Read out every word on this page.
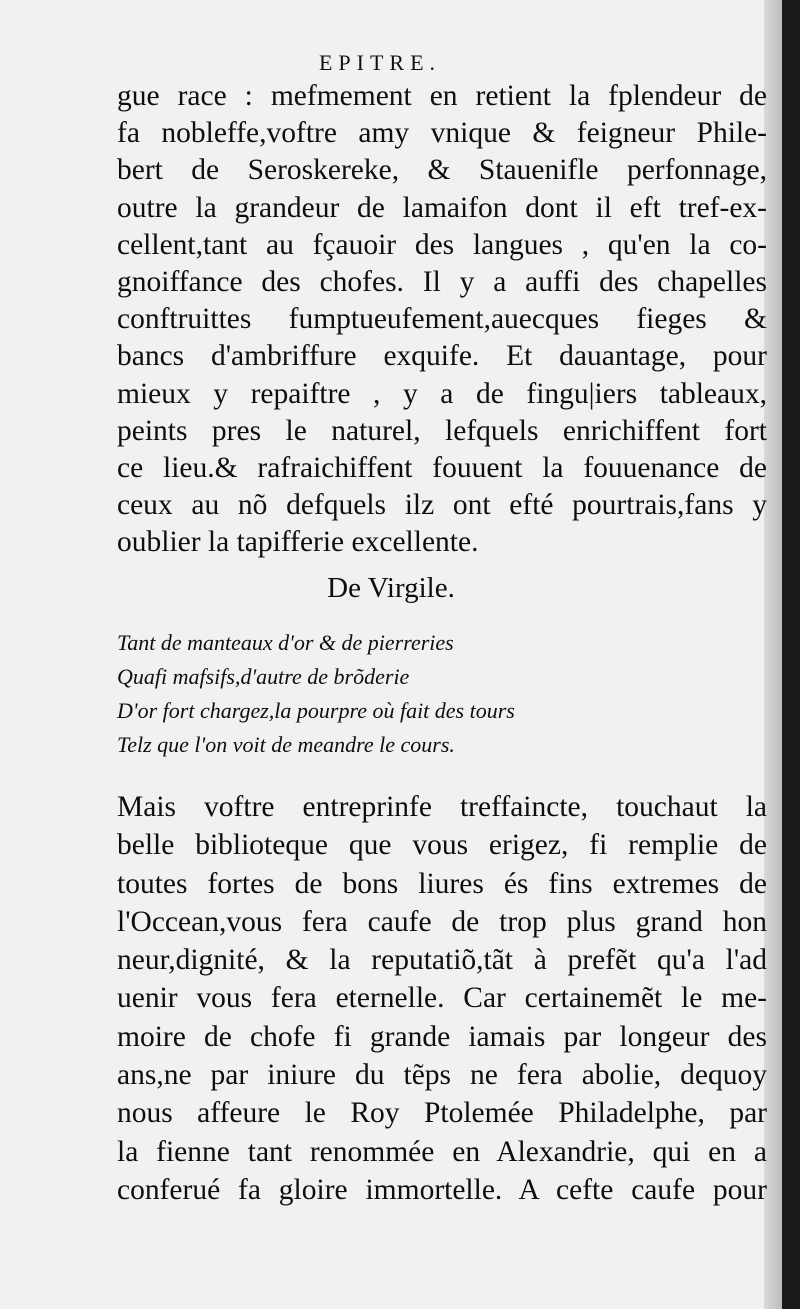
EPITRE.
gue race : mefmement en retient la fplendeur de
fa nobleffe,voftre amy vnique & feigneur Phile-
bert de Seroskereke, & Stauenifle perfonnage,
outre la grandeur de lamaifon dont il eft tref-ex-
cellent,tant au fçauoir des langues , qu'en la co-
gnoiffance des chofes. Il y a auffi des chapelles
conftruittes fumptueufement,auecques fieges &
bancs d'ambriffure exquife. Et dauantage, pour
mieux y repaiftre , y a de fingu|iers tableaux,
peints pres le naturel, lefquels enrichiffent fort
ce lieu.& rafraichiffent fouuent la fouuenance de
ceux au nõ defquels ilz ont efté pourtrais,fans y
oublier la tapifferie excellente.
De Virgile.
Tant de manteaux d'or & de pierreries
Quafi mafsifs,d'autre de brõderie
D'or fort chargez,la pourpre où fait des tours
Telz que l'on voit de meandre le cours.
Mais voftre entreprinfe treffaincte, touchaut la
belle biblioteque que vous erigez, fi remplie de
toutes fortes de bons liures és fins extremes de
l'Occean,vous fera caufe de trop plus grand hon
neur,dignité, & la reputatiõ,tãt à prefẽt qu'a l'ad
uenir vous fera eternelle. Car certainemẽt le me-
moire de chofe fi grande iamais par longeur des
ans,ne par iniure du tẽps ne fera abolie, dequoy
nous affeure le Roy Ptolemée Philadelphe, par
la fienne tant renommée en Alexandrie, qui en a
conferué fa gloire immortelle. A cefte caufe pour
